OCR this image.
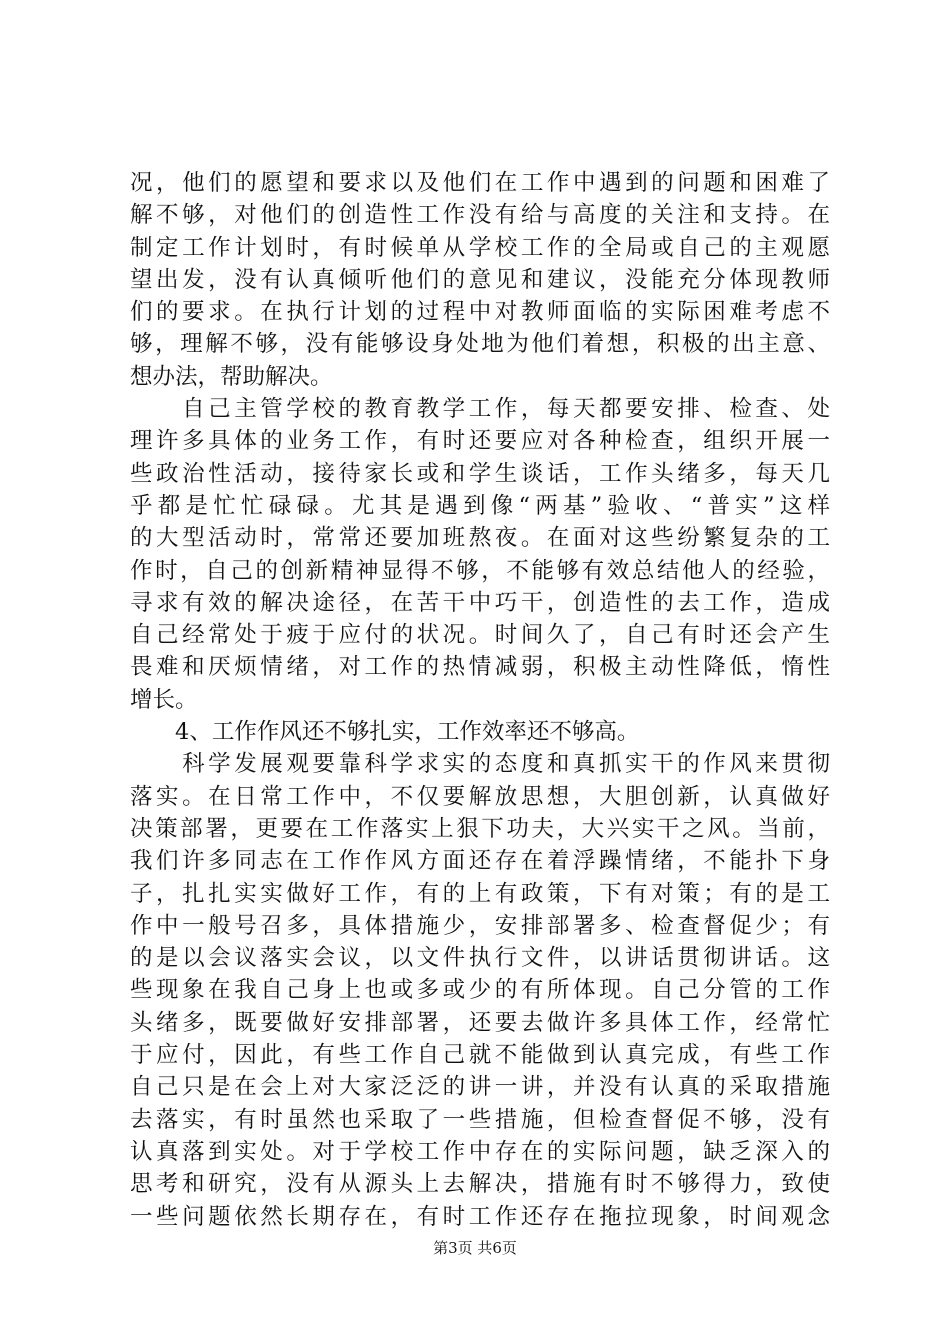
况，他们的愿望和要求以及他们在工作中遇到的问题和困难了
解不够，对他们的创造性工作没有给与高度的关注和支持。在
制定工作计划时，有时候单从学校工作的全局或自己的主观愿
望出发，没有认真倾听他们的意见和建议，没能充分体现教师
们的要求。在执行计划的过程中对教师面临的实际困难考虑不
够，理解不够，没有能够设身处地为他们着想，积极的出主意、
想办法，帮助解决。
　　自己主管学校的教育教学工作，每天都要安排、检查、处
理许多具体的业务工作，有时还要应对各种检查，组织开展一
些政治性活动，接待家长或和学生谈话，工作头绪多，每天几
乎都是忙忙碌碌。尤其是遇到像“两基”验收、“普实”这样
的大型活动时，常常还要加班熬夜。在面对这些纷繁复杂的工
作时，自己的创新精神显得不够，不能够有效总结他人的经验，
寻求有效的解决途径，在苦干中巧干，创造性的去工作，造成
自己经常处于疲于应付的状况。时间久了，自己有时还会产生
畏难和厌烦情绪，对工作的热情减弱，积极主动性降低，惰性
增长。
　　4、工作作风还不够扎实，工作效率还不够高。
　　科学发展观要靠科学求实的态度和真抓实干的作风来贯彻
落实。在日常工作中，不仅要解放思想，大胆创新，认真做好
决策部署，更要在工作落实上狠下功夫，大兴实干之风。当前，
我们许多同志在工作作风方面还存在着浮躁情绪，不能扑下身
子，扎扎实实做好工作，有的上有政策，下有对策；有的是工
作中一般号召多，具体措施少，安排部署多、检查督促少；有
的是以会议落实会议，以文件执行文件，以讲话贯彻讲话。这
些现象在我自己身上也或多或少的有所体现。自己分管的工作
头绪多，既要做好安排部署，还要去做许多具体工作，经常忙
于应付，因此，有些工作自己就不能做到认真完成，有些工作
自己只是在会上对大家泛泛的讲一讲，并没有认真的采取措施
去落实，有时虽然也采取了一些措施，但检查督促不够，没有
认真落到实处。对于学校工作中存在的实际问题，缺乏深入的
思考和研究，没有从源头上去解决，措施有时不够得力，致使
一些问题依然长期存在，有时工作还存在拖拉现象，时间观念
第3页 共6页
